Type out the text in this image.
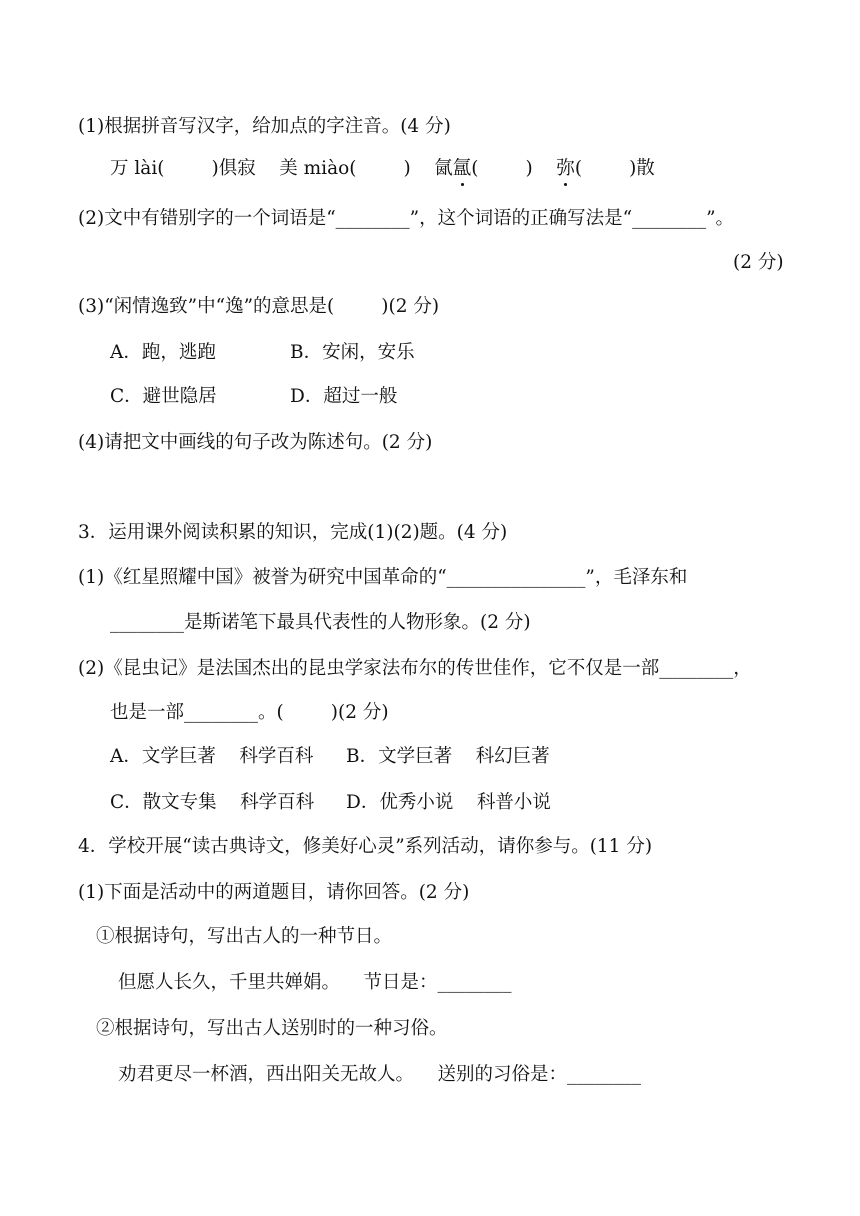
(1)根据拼音写汉字，给加点的字注音。(4 分)
万 lài(        )俱寂    美 miào(        )    氤氲(        )    弥(        )散
(2)文中有错别字的一个词语是“________”，这个词语的正确写法是“________”。
(2 分)
(3)“闲情逸致”中“逸”的意思是(        )(2 分)
A．跑，逃跑	B．安闲，安乐
C．避世隐居	D．超过一般
(4)请把文中画线的句子改为陈述句。(2 分)
3．运用课外阅读积累的知识，完成(1)(2)题。(4 分)
(1)《红星照耀中国》被誉为研究中国革命的“_______________”，毛泽东和
________是斯诺笔下最具代表性的人物形象。(2 分)
(2)《昆虫记》是法国杰出的昆虫学家法布尔的传世佳作，它不仅是一部________，
也是一部________。(        )(2 分)
A．文学巨著    科学百科 B．文学巨著    科幻巨著
C．散文专集    科学百科 D．优秀小说    科普小说
4．学校开展“读古典诗文，修美好心灵”系列活动，请你参与。(11 分)
(1)下面是活动中的两道题目，请你回答。(2 分)
①根据诗句，写出古人的一种节日。
但愿人长久，千里共婵娟。    节日是：________
②根据诗句，写出古人送别时的一种习俗。
劝君更尽一杯酒，西出阳关无故人。    送别的习俗是：________
